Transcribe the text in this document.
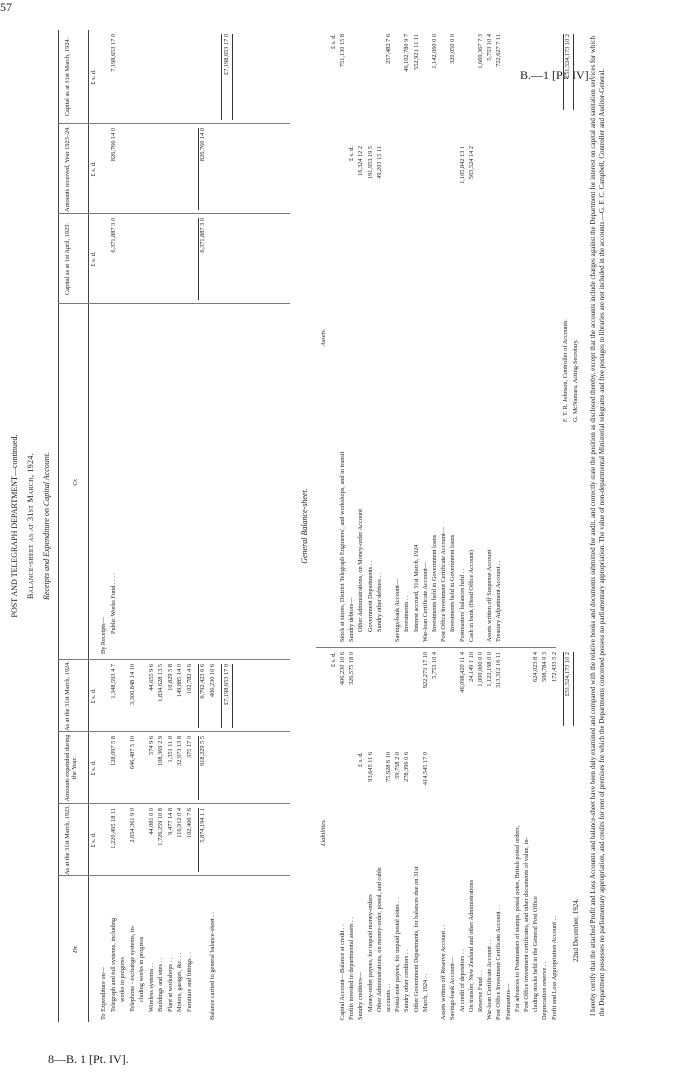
57
B.—1 [Pt. IV].
8—B. 1 [Pt. IV].
POST AND TELEGRAPH DEPARTMENT—continued. Balance-sheet as at 31st March, 1924. Receipts and Expenditure on Capital Account.
Dr.
As at the 31st March, 1923.
Amounts expended during the Year.
As at the 31st March, 1924.
Cr.
Capital as at 1st April, 1923.
Amounts received, Year 1923–24.
Capital as at 31st March, 1924.
£ s. d.
£ s. d.
£ s. d.
£ s. d.
£ s. d.
£ s. d.
To Expenditure on— Telegraph and toll systems, including
1,220,495 18 11
128,097 5 8
1,348,593 4 7
works in progress Telephone - exchange systems, in-
2,654,361 9 0
646,487 5 10
3,300,848 14 10
cluding works in progress Wireless systems . .
44,081 0 0
574 9 6
44,655 9 6
Buildings and sites . .
1,726,259 10 8
108,369 2 9
1,834,628 13 5
Plant at workshops . .
9,477 14 8
1,351 11 0
10,829 5 8
Motors, garages, &c. . .
116,912 0 4
32,973 13 8
149,885 14 0
Furniture and fittings . .
102,406 7 6
375 17 0
102,782 4 6
5,874,194 1 1
918,229 5 5
6,792,423 6 6
Balance carried to general balance-sheet . .
406,230 10 6 £7,198,653 17 0
By Receipts—
Public Works Fund . . . .
6,371,887 3 0
826,766 14 0
7,198,653 17 0
6,371,887 3 0
826,766 14 0
£7,198,653 17 0
General Balance-sheet.
Liabilities.
Assets.
£ s. d.
Capital Account—Balance at credit . .
406,230 10 6
Profits invested in departmental assets . .
326,575 18 0
Sundry creditors—
£ s. d.
Money-order payees, for unpaid money-orders
93,645 11 6
Other Administrations, on money-order, postal, and cable accounts . .
75,928 6 10
Postal-note payees, for unpaid postal notes . .
59,758 2 0
Sundry other creditors . .
278,396 0 6
Other Government Departments, for balances due on 31st March, 1924 . .
414,545 17 0
922,273 17 10 5,753 10 4
Assets written off Reserve Account . . Savings-bank Account— At credit of depositors . .
46,098,420 11 4
On transfer, New Zealand and other Administrations
24,149 1 10
Reserve Fund . .
1,000,000 0 0
War-loan Certificate Account . .
1,122,198 0 0
Post Office Investment Certificate Account . .
313,312 16 11
Postmasters— For advances to Postmasters of stamps, postal notes, British postal orders, Post Office investment certificates, and other documents of value, in- cluding stocks held in the General Post Office
624,023 8 4
Depreciation reserve . .
508,784 0 3
Profit and Loss Appropriation Account . .
172,433 5 2 £51,524,173 10 2
£ s. d.
Stock at stores, District Telegraph Engineers', and workshops, and in transit
751,130 15 8
Sundry debtors—
£ s. d.
Other Administrations, on Money-order Account
16,324 12 2
Government Departments . .
191,953 19 5
Sundry other debtors . .
49,203 15 11
257,482 7 6
Savings-bank Account— Investments . .
46,102,780 9 7
Interest accrued, 31st March, 1924
552,921 11 11
War-loan Certificate Account— Investments held in Government loans
1,142,060 0 0
Post Office Investment Certificate Account— Investments held in Government loans
320,050 0 0
Postmasters' balances held . .
1,105,842 13 1
Cash in bank (Head Office Account)
563,524 14 2
1,669,367 7 3
Assets written off Suspense Account
5,753 10 4
Treasury Adjustment Account . .
722,627 7 11	£51,524,173 10 2
F. T. R. Johnson, Controller of Accounts. G. McNamara, Acting-Secretary.
22nd December, 1924. I hereby certify that the attached Profit and Loss Accounts and balance-sheet have been duly examined and compared with the relative books and documents submitted for audit, and correctly state the position as disclosed thereby, except that the accounts include charges against the Department for interest on capital and sanitation services for which the Department possesses no parliamentary appropriation, and credits for rent of premises for which the Departments concerned possess no parliamentary appropriation. The value of non-departmental Ministerial telegrams and free postages to libraries are not included in the accounts.—G. F. C. Campbell, Controller and Auditor-General.
